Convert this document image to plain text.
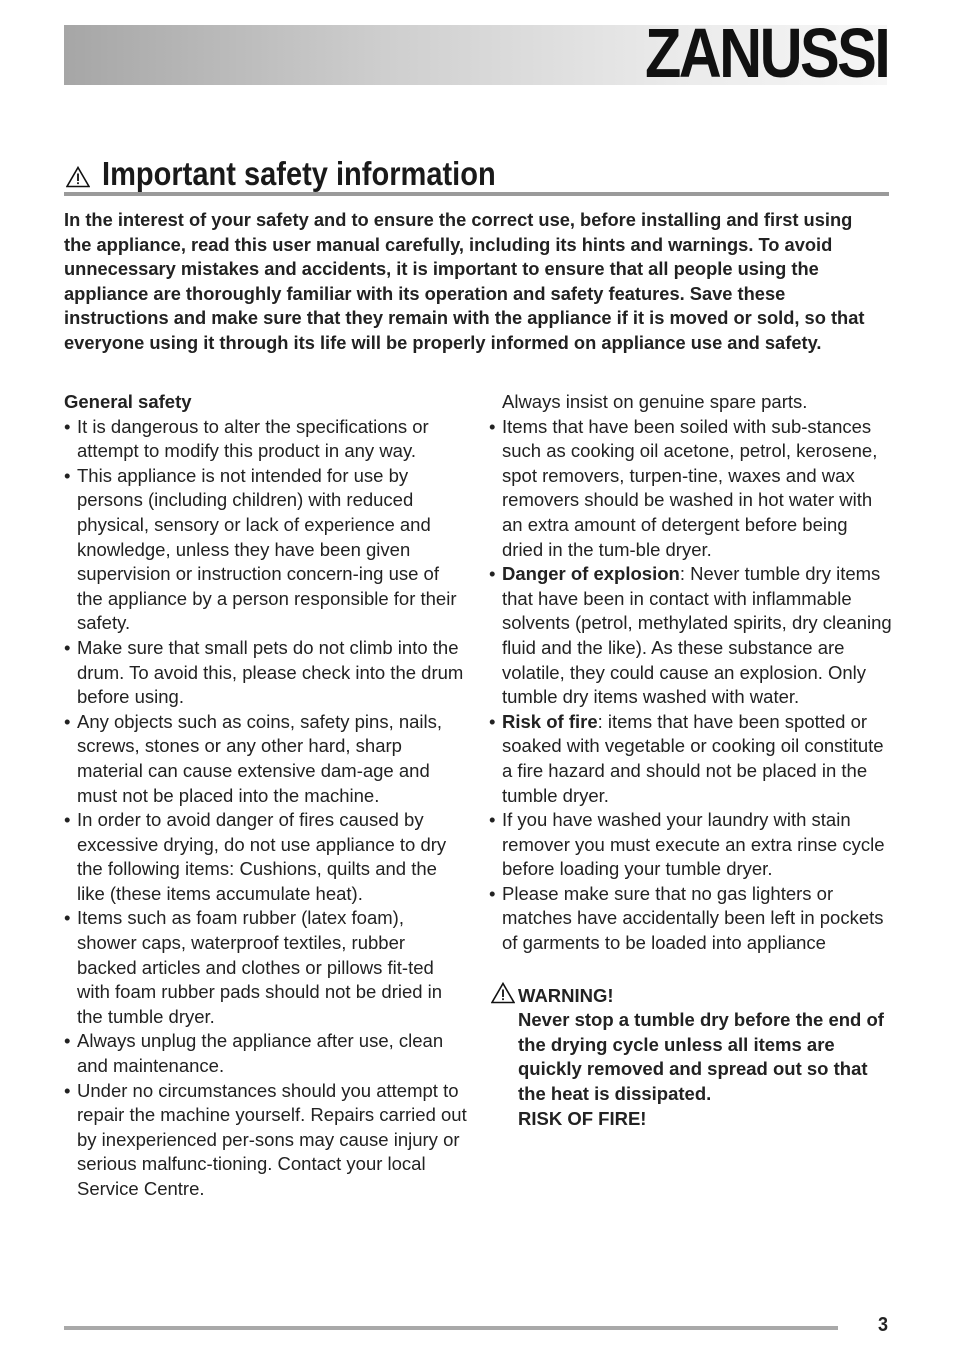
ZANUSSI
Important safety information

In the interest of your safety and to ensure the correct use, before installing and first using the appliance, read this user manual carefully, including its hints and warnings. To avoid unnecessary mistakes and accidents, it is important to ensure that all people using the appliance are thoroughly familiar with its operation and safety features. Save these instructions and make sure that they remain with the appliance if it is moved or sold, so that everyone using it through its life will be properly informed on appliance use and safety.

General safety

• It is dangerous to alter the specifications or attempt to modify this product in any way.
• This appliance is not intended for use by persons (including children) with reduced physical, sensory or lack of experience and knowledge, unless they have been given supervision or instruction concern-ing use of the appliance by a person responsible for their safety.
• Make sure that small pets do not climb into the drum. To avoid this, please check into the drum before using.
• Any objects such as coins, safety pins, nails, screws, stones or any other hard, sharp material can cause extensive dam-age and must not be placed into the machine.
• In order to avoid danger of fires caused by excessive drying, do not use appliance to dry the following items: Cushions, quilts and the like (these items accumulate heat).
• Items such as foam rubber (latex foam), shower caps, waterproof textiles, rubber backed articles and clothes or pillows fit-ted with foam rubber pads should not be dried in the tumble dryer.
• Always unplug the appliance after use, clean and maintenance.
• Under no circumstances should you attempt to repair the machine yourself. Repairs carried out by inexperienced per-sons may cause injury or serious malfunc-tioning. Contact your local Service Centre.

Always insist on genuine spare parts.

• Items that have been soiled with sub-stances such as cooking oil acetone, petrol, kerosene, spot removers, turpen-tine, waxes and wax removers should be washed in hot water with an extra amount of detergent before being dried in the tum-ble dryer.
• Danger of explosion: Never tumble dry items that have been in contact with inflammable solvents (petrol, methylated spirits, dry cleaning fluid and the like). As these substance are volatile, they could cause an explosion. Only tumble dry items washed with water.
• Risk of fire: items that have been spotted or soaked with vegetable or cooking oil constitute a fire hazard and should not be placed in the tumble dryer.
• If you have washed your laundry with stain remover you must execute an extra rinse cycle before loading your tumble dryer.
• Please make sure that no gas lighters or matches have accidentally been left in pockets of garments to be loaded into appliance

WARNING!

Never stop a tumble dry before the end of the drying cycle unless all items are

quickly removed and spread out so that the heat is dissipated.

RISK OF FIRE!

3
